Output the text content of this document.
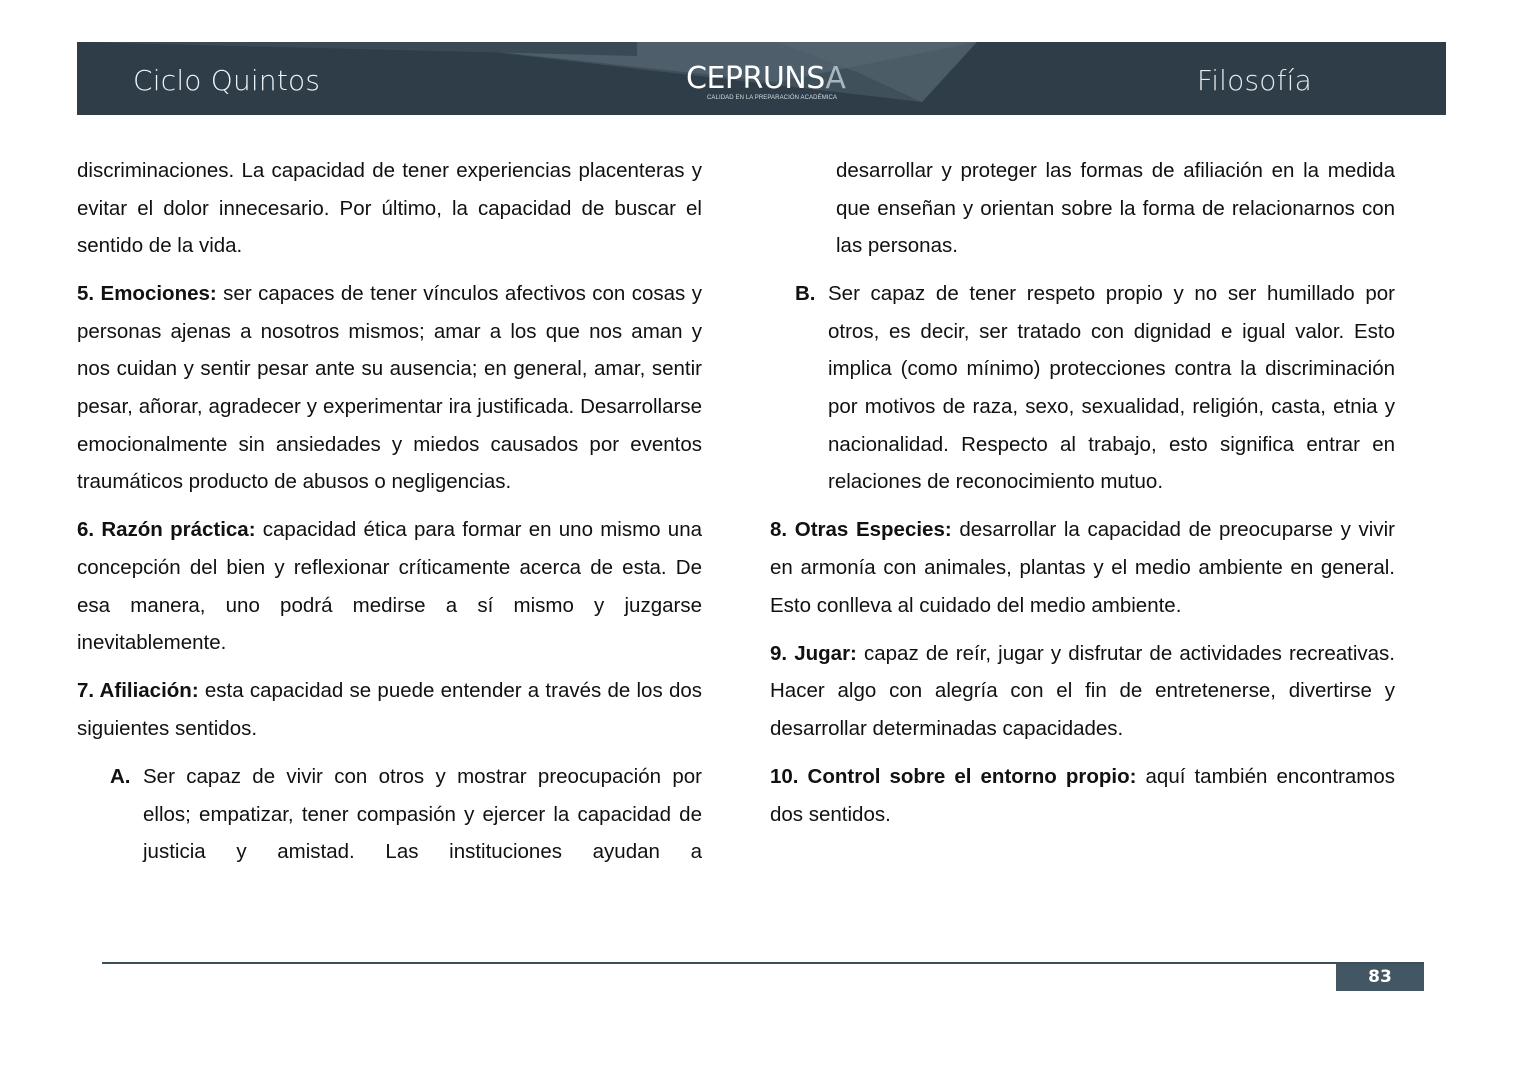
Ciclo Quintos	CEPRUNSA
CALIDAD EN LA PREPARACIÓN ACADÉMICA
Filosofía

discriminaciones. La capacidad de tener experiencias placenteras y evitar el dolor innecesario. Por último, la capacidad de buscar el sentido de la vida.

5. Emociones: ser capaces de tener vínculos afectivos con cosas y personas ajenas a nosotros mismos; amar a los que nos aman y nos cuidan y sentir pesar ante su ausencia; en general, amar, sentir pesar, añorar, agradecer y experimentar ira justificada. Desarrollarse emocionalmente sin ansiedades y miedos causados por eventos traumáticos producto de abusos o negligencias.

6. Razón práctica: capacidad ética para formar en uno mismo una concepción del bien y reflexionar críticamente acerca de esta. De esa manera, uno podrá medirse a sí mismo y juzgarse inevitablemente.

7. Afiliación: esta capacidad se puede entender a través de los dos siguientes sentidos.

A. Ser capaz de vivir con otros y mostrar preocupación por ellos; empatizar, tener compasión y ejercer la capacidad de justicia y amistad. Las instituciones ayudan a

desarrollar y proteger las formas de afiliación en la medida que enseñan y orientan sobre la forma de relacionarnos con las personas.

B. Ser capaz de tener respeto propio y no ser humillado por otros, es decir, ser tratado con dignidad e igual valor. Esto implica (como mínimo) protecciones contra la discriminación por motivos de raza, sexo, sexualidad, religión, casta, etnia y nacionalidad. Respecto al trabajo, esto significa entrar en relaciones de reconocimiento mutuo.

8. Otras Especies: desarrollar la capacidad de preocuparse y vivir en armonía con animales, plantas y el medio ambiente en general. Esto conlleva al cuidado del medio ambiente.

9. Jugar: capaz de reír, jugar y disfrutar de actividades recreativas. Hacer algo con alegría con el fin de entretenerse, divertirse y desarrollar determinadas capacidades.

10. Control sobre el entorno propio: aquí también encontramos dos sentidos.

83
